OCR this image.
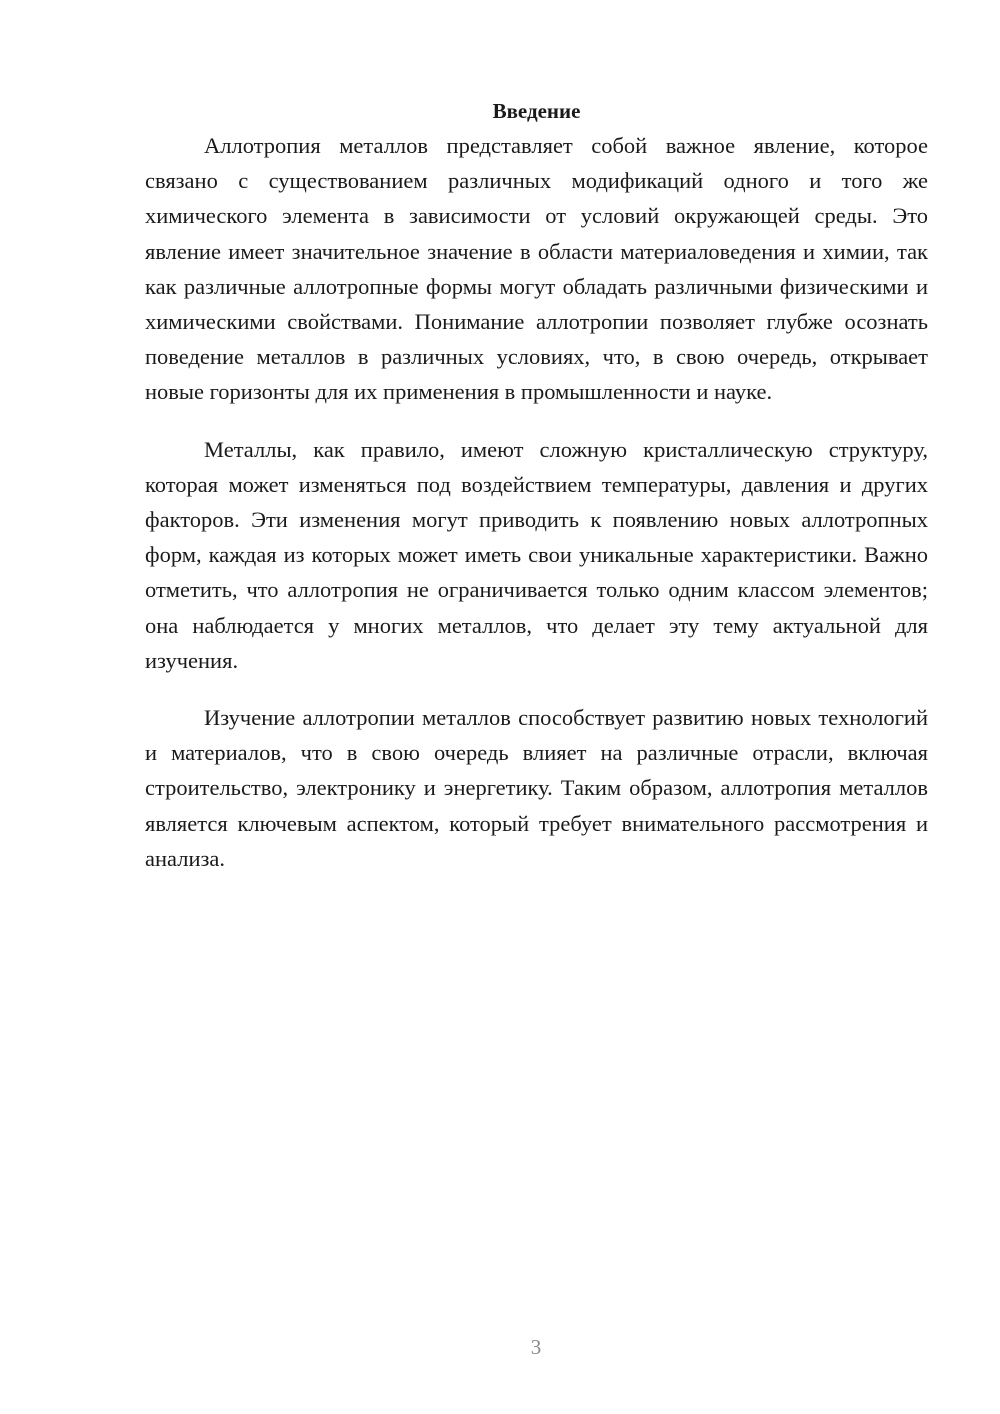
Введение

Аллотропия металлов представляет собой важное явление, которое связано с существованием различных модификаций одного и того же химического элемента в зависимости от условий окружающей среды. Это явление имеет значительное значение в области материаловедения и химии, так как различные аллотропные формы могут обладать различными физическими и химическими свойствами. Понимание аллотропии позволяет глубже осознать поведение металлов в различных условиях, что, в свою очередь, открывает новые горизонты для их применения в промышленности и науке.

Металлы, как правило, имеют сложную кристаллическую структуру, которая может изменяться под воздействием температуры, давления и других факторов. Эти изменения могут приводить к появлению новых аллотропных форм, каждая из которых может иметь свои уникальные характеристики. Важно отметить, что аллотропия не ограничивается только одним классом элементов; она наблюдается у многих металлов, что делает эту тему актуальной для изучения.

Изучение аллотропии металлов способствует развитию новых технологий и материалов, что в свою очередь влияет на различные отрасли, включая строительство, электронику и энергетику. Таким образом, аллотропия металлов является ключевым аспектом, который требует внимательного рассмотрения и анализа.

3
